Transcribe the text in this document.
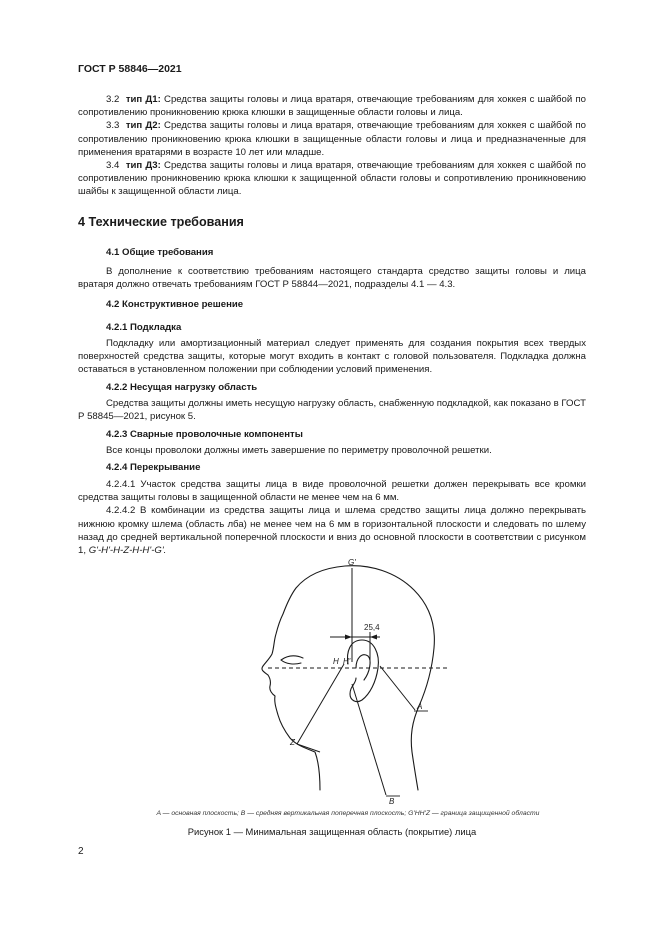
ГОСТ Р 58846—2021

3.2 тип Д1: Средства защиты головы и лица вратаря, отвечающие требованиям для хоккея с шайбой по сопротивлению проникновению крюка клюшки в защищенные области головы и лица.

3.3 тип Д2: Средства защиты головы и лица вратаря, отвечающие требованиям для хоккея с шайбой по сопротивлению проникновению крюка клюшки в защищенные области головы и лица и предназначенные для применения вратарями в возрасте 10 лет или младше.

3.4 тип Д3: Средства защиты головы и лица вратаря, отвечающие требованиям для хоккея с шайбой по сопротивлению проникновению крюка клюшки к защищенной области головы и сопротивлению проникновению шайбы к защищенной области лица.

4 Технические требования
4.1 Общие требования

В дополнение к соответствию требованиям настоящего стандарта средство защиты головы и лица вратаря должно отвечать требованиям ГОСТ Р 58844—2021, подразделы 4.1 — 4.3.

4.2 Конструктивное решение
4.2.1 Подкладка

Подкладку или амортизационный материал следует применять для создания покрытия всех твердых поверхностей средства защиты, которые могут входить в контакт с головой пользователя. Подкладка должна оставаться в установленном положении при соблюдении условий применения.

4.2.2 Несущая нагрузку область

Средства защиты должны иметь несущую нагрузку область, снабженную подкладкой, как показано в ГОСТ Р 58845—2021, рисунок 5.

4.2.3 Сварные проволочные компоненты

Все концы проволоки должны иметь завершение по периметру проволочной решетки.

4.2.4 Перекрывание

4.2.4.1 Участок средства защиты лица в виде проволочной решетки должен перекрывать все кромки средства защиты головы в защищенной области не менее чем на 6 мм.

4.2.4.2 В комбинации из средства защиты лица и шлема средство защиты лица должно перекрывать нижнюю кромку шлема (область лба) не менее чем на 6 мм в горизонтальной плоскости и следовать по шлему назад до средней вертикальной поперечной плоскости и вниз до основной плоскости в соответствии с рисунком 1, G'-H'-H-Z-H-H'-G'.

G'
H H'
Z
A
B
25,4
A — основная плоскость; B — средняя вертикальная поперечная плоскость; G'HH'Z — граница защищенной области
Рисунок 1 — Минимальная защищенная область (покрытие) лица
2
